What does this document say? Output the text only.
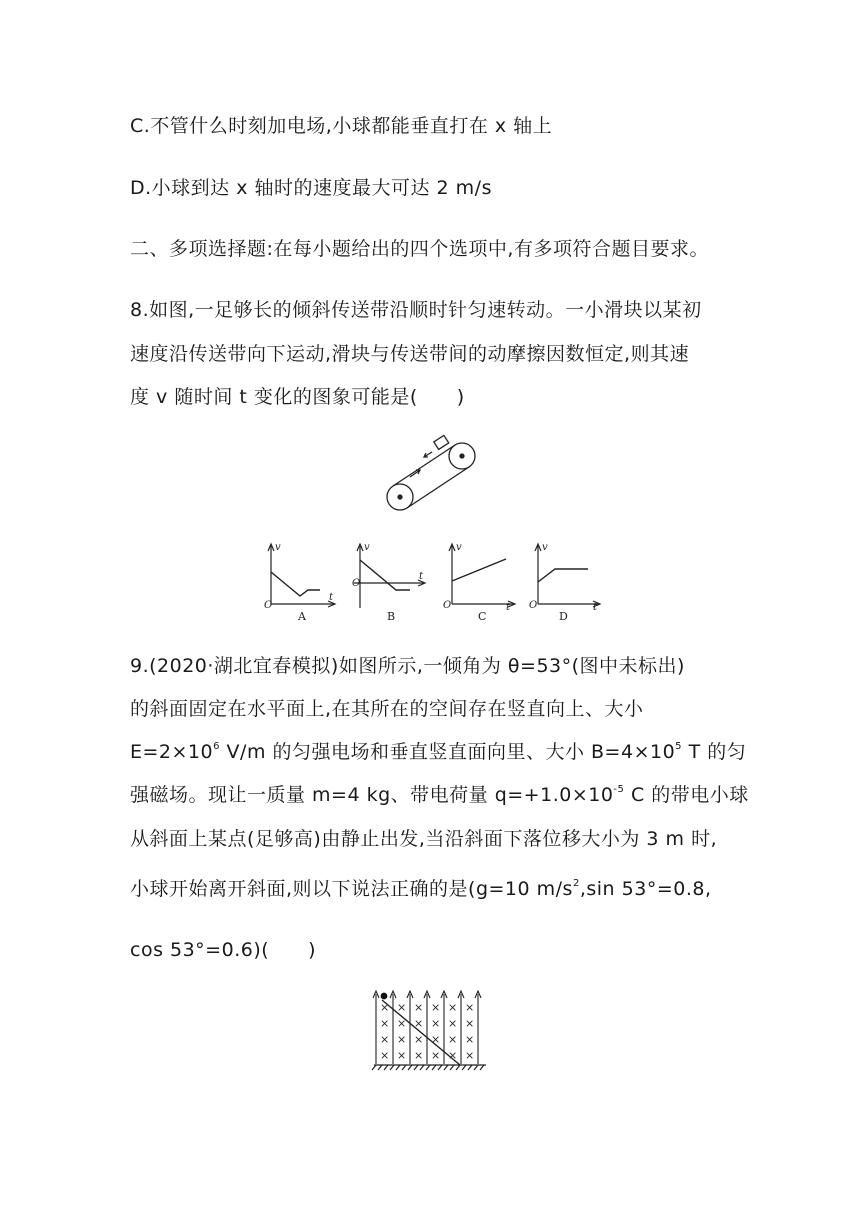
C.不管什么时刻加电场,小球都能垂直打在 x 轴上
D.小球到达 x 轴时的速度最大可达 2 m/s
二、多项选择题:在每小题给出的四个选项中,有多项符合题目要求。
8.如图,一足够长的倾斜传送带沿顺时针匀速转动。一小滑块以某初
速度沿传送带向下运动,滑块与传送带间的动摩擦因数恒定,则其速
度 v 随时间 t 变化的图象可能是(　　)
v
O
t
v
O
t
v
O	t
v
O	t
A	B	C	D
9.(2020·湖北宜春模拟)如图所示,一倾角为 θ=53°(图中未标出)
的斜面固定在水平面上,在其所在的空间存在竖直向上、大小
$E=2\times 10^6$ V/m 的匀强电场和垂直竖直面向里、大小 $B=4\times 10^5$ T 的匀
强磁场。现让一质量 m=4 kg、带电荷量 $q=+1.0\times 10^{-5}$ C 的带电小球
从斜面上某点(足够高)由静止出发,当沿斜面下落位移大小为 3 m 时,
小球开始离开斜面,则以下说法正确的是(g=10 $m/s^2,\sin$ 53°=0.8,
cos 53°=0.6)(　　)
× × × × × ×
× × × × × ×
× × × × × ×
× × × × × ×
